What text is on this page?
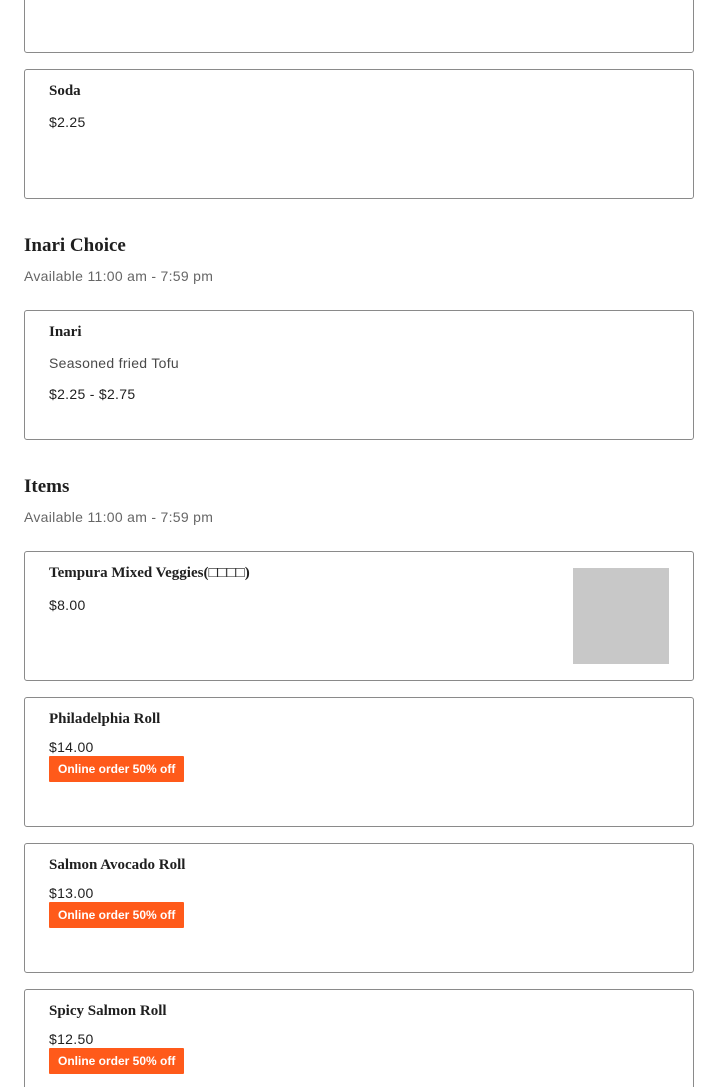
Soda
$2.25
Inari Choice
Available 11:00 am - 7:59 pm
Inari
Seasoned fried Tofu
$2.25 - $2.75
Items
Available 11:00 am - 7:59 pm
Tempura Mixed Veggies(□□□□)
$8.00
Philadelphia Roll
$14.00
Online order 50% off
Salmon Avocado Roll
$13.00
Online order 50% off
Spicy Salmon Roll
$12.50
Online order 50% off
